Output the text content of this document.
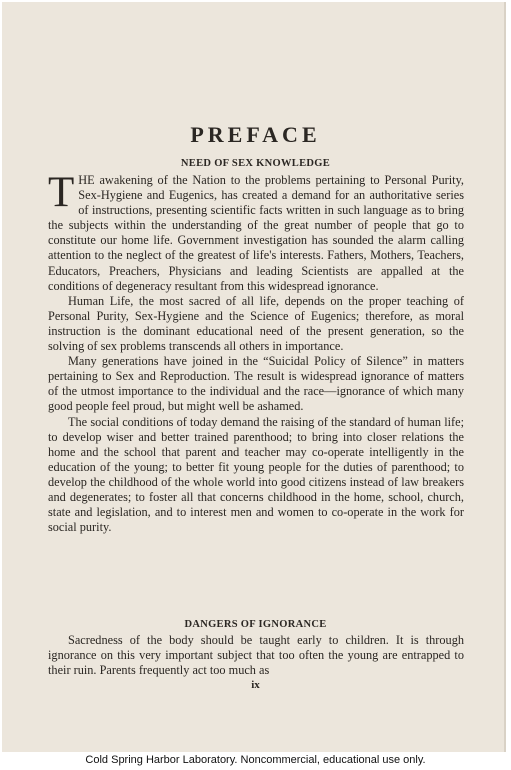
PREFACE
NEED OF SEX KNOWLEDGE

THE awakening of the Nation to the problems pertaining to Personal Purity, Sex-Hygiene and Eugenics, has created a demand for an authoritative series of instructions, presenting scientific facts written in such language as to bring the subjects within the understanding of the great number of people that go to constitute our home life. Government investigation has sounded the alarm calling attention to the neglect of the greatest of life's interests. Fathers, Mothers, Teachers, Educators, Preachers, Physicians and leading Scientists are appalled at the conditions of degeneracy resultant from this widespread ignorance.

Human Life, the most sacred of all life, depends on the proper teaching of Personal Purity, Sex-Hygiene and the Science of Eugenics; therefore, as moral instruction is the dominant educational need of the present generation, so the solving of sex problems transcends all others in importance.

Many generations have joined in the “Suicidal Policy of Silence” in matters pertaining to Sex and Reproduction. The result is widespread ignorance of matters of the utmost importance to the individual and the race—ignorance of which many good people feel proud, but might well be ashamed.

The social conditions of today demand the raising of the standard of human life; to develop wiser and better trained parenthood; to bring into closer relations the home and the school that parent and teacher may co-operate intelligently in the education of the young; to better fit young people for the duties of parenthood; to develop the childhood of the whole world into good citizens instead of law breakers and degenerates; to foster all that concerns childhood in the home, school, church, state and legislation, and to interest men and women to co-operate in the work for social purity.

DANGERS OF IGNORANCE

Sacredness of the body should be taught early to children. It is through ignorance on this very important subject that too often the young are entrapped to their ruin. Parents frequently act too much as

ix
Cold Spring Harbor Laboratory. Noncommercial, educational use only.
